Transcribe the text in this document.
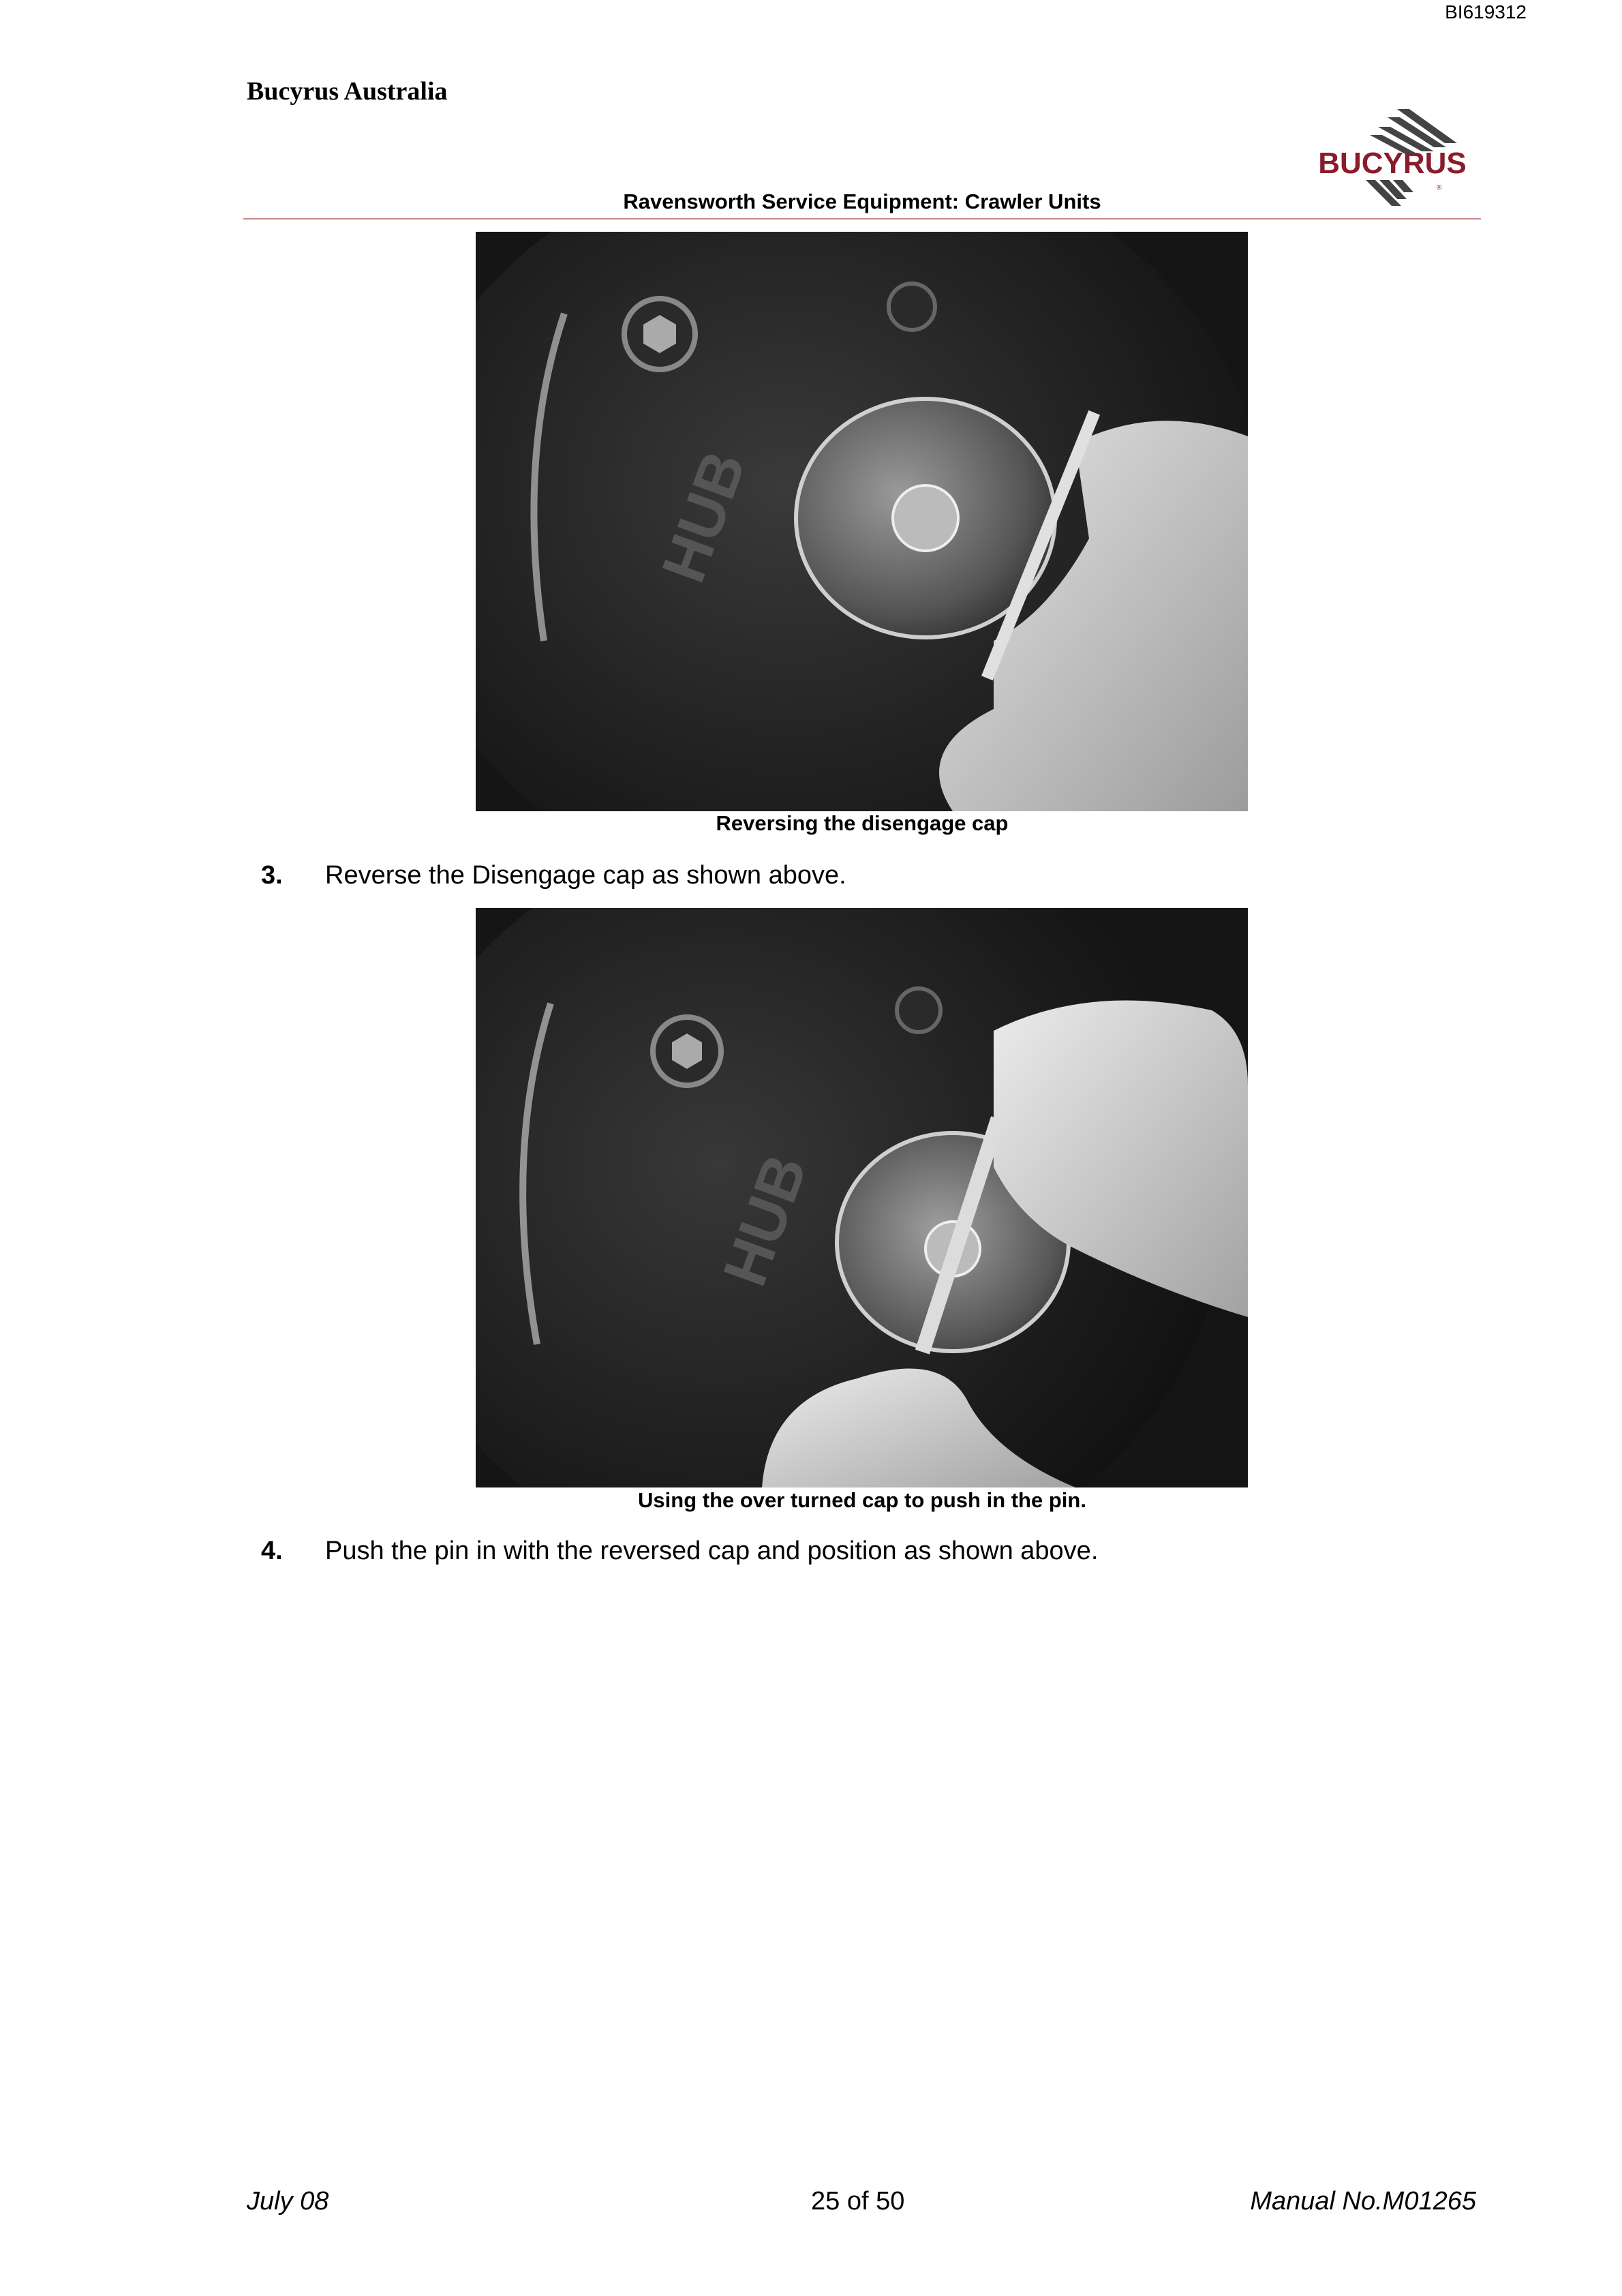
BI619312
Bucyrus Australia
BUCYRUS
®
Ravensworth Service Equipment: Crawler Units
HUB
Reversing the disengage cap
3. Reverse the Disengage cap as shown above.
HUB
Using the over turned cap to push in the pin.
4. Push the pin in with the reversed cap and position as shown above.
July 08	25 of 50	Manual No.M01265
